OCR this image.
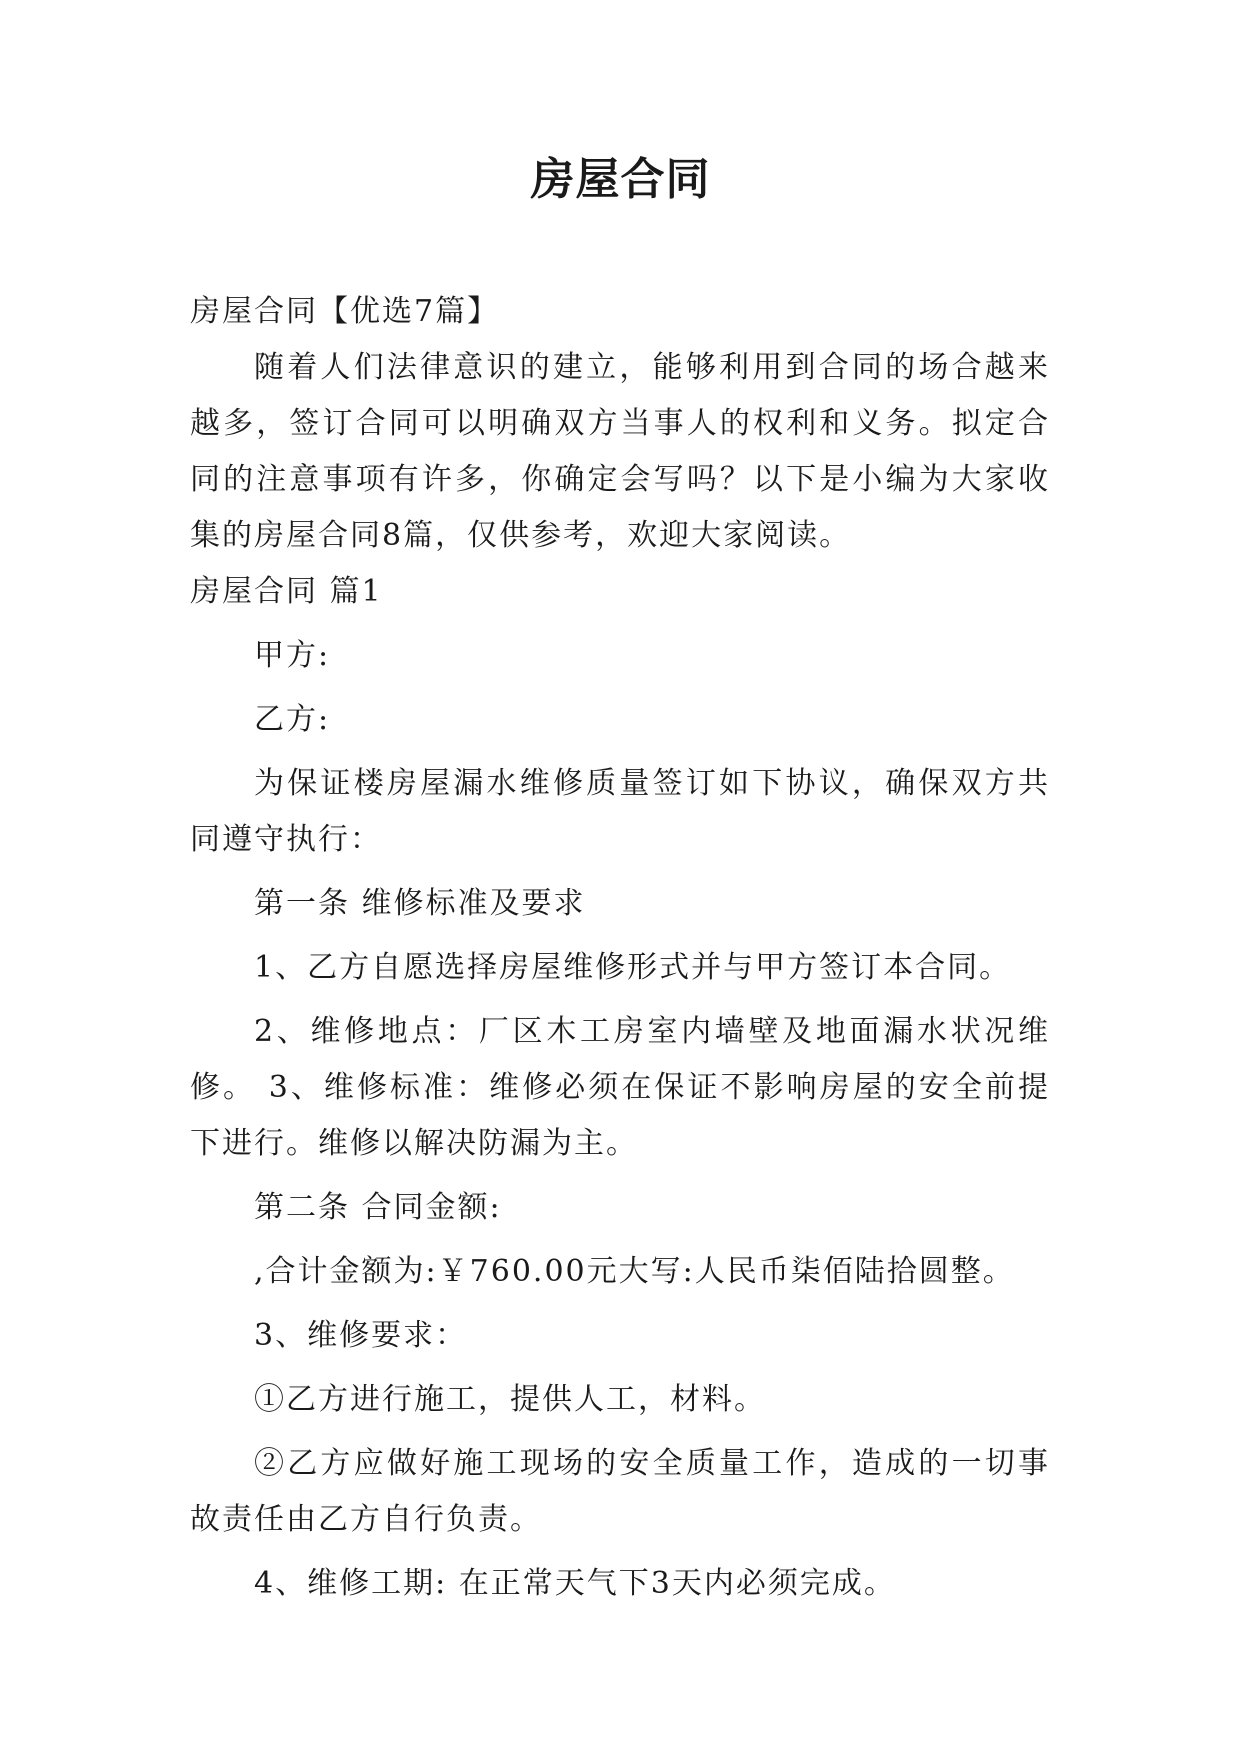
房屋合同

房屋合同【优选7篇】

随着人们法律意识的建立，能够利用到合同的场合越来越多，签订合同可以明确双方当事人的权利和义务。拟定合同的注意事项有许多，你确定会写吗？以下是小编为大家收集的房屋合同8篇，仅供参考，欢迎大家阅读。

房屋合同 篇1

甲方:

乙方:

为保证楼房屋漏水维修质量签订如下协议，确保双方共同遵守执行：

第一条 维修标准及要求

1、乙方自愿选择房屋维修形式并与甲方签订本合同。

2、维修地点：厂区木工房室内墙壁及地面漏水状况维修。 3、维修标准：维修必须在保证不影响房屋的安全前提下进行。维修以解决防漏为主。

第二条 合同金额:

,合计金额为:￥760.00元大写:人民币柒佰陆拾圆整。

3、维修要求：

①乙方进行施工，提供人工，材料。

②乙方应做好施工现场的安全质量工作，造成的一切事故责任由乙方自行负责。

4、维修工期: 在正常天气下3天内必须完成。
